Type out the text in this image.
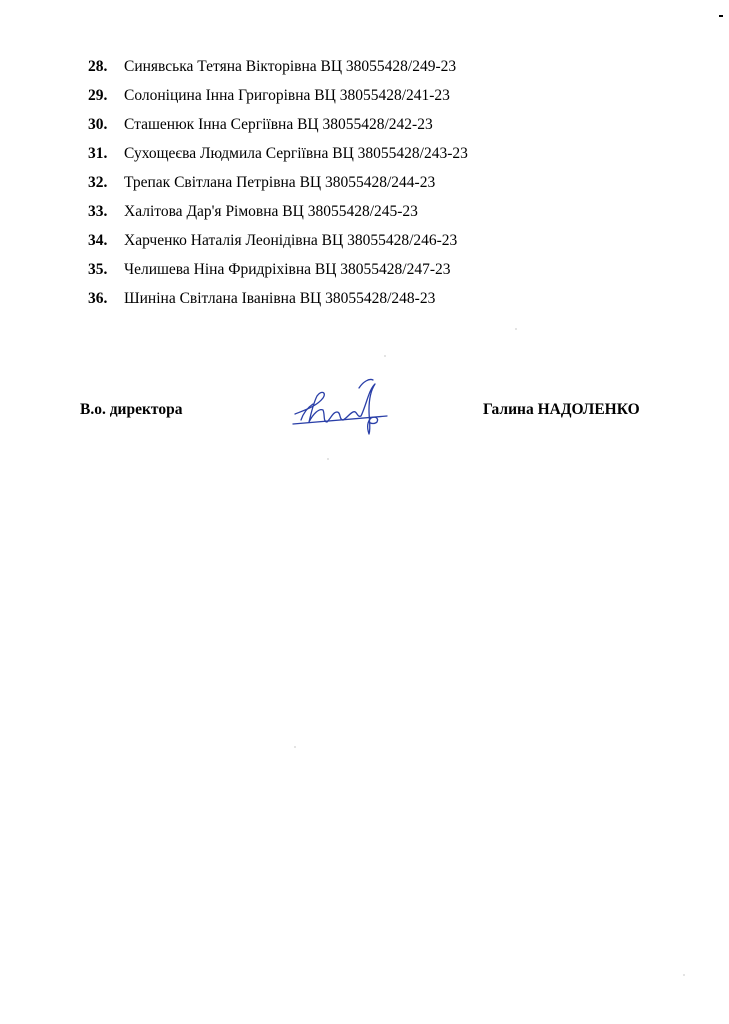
28.	Синявська Тетяна Вікторівна ВЦ 38055428/249-23
29.	Солоніцина Інна Григорівна ВЦ 38055428/241-23
30.	Сташенюк Інна Сергіївна ВЦ 38055428/242-23
31.	Сухощеєва Людмила Сергіївна ВЦ 38055428/243-23
32.	Трепак Світлана Петрівна ВЦ 38055428/244-23
33.	Халітова Дар'я Рімовна ВЦ 38055428/245-23
34.	Харченко Наталія Леонідівна ВЦ 38055428/246-23
35.	Челишева Ніна Фридріхівна ВЦ 38055428/247-23
36.	Шиніна Світлана Іванівна ВЦ 38055428/248-23
В.о. директора	Галина НАДОЛЕНКО
